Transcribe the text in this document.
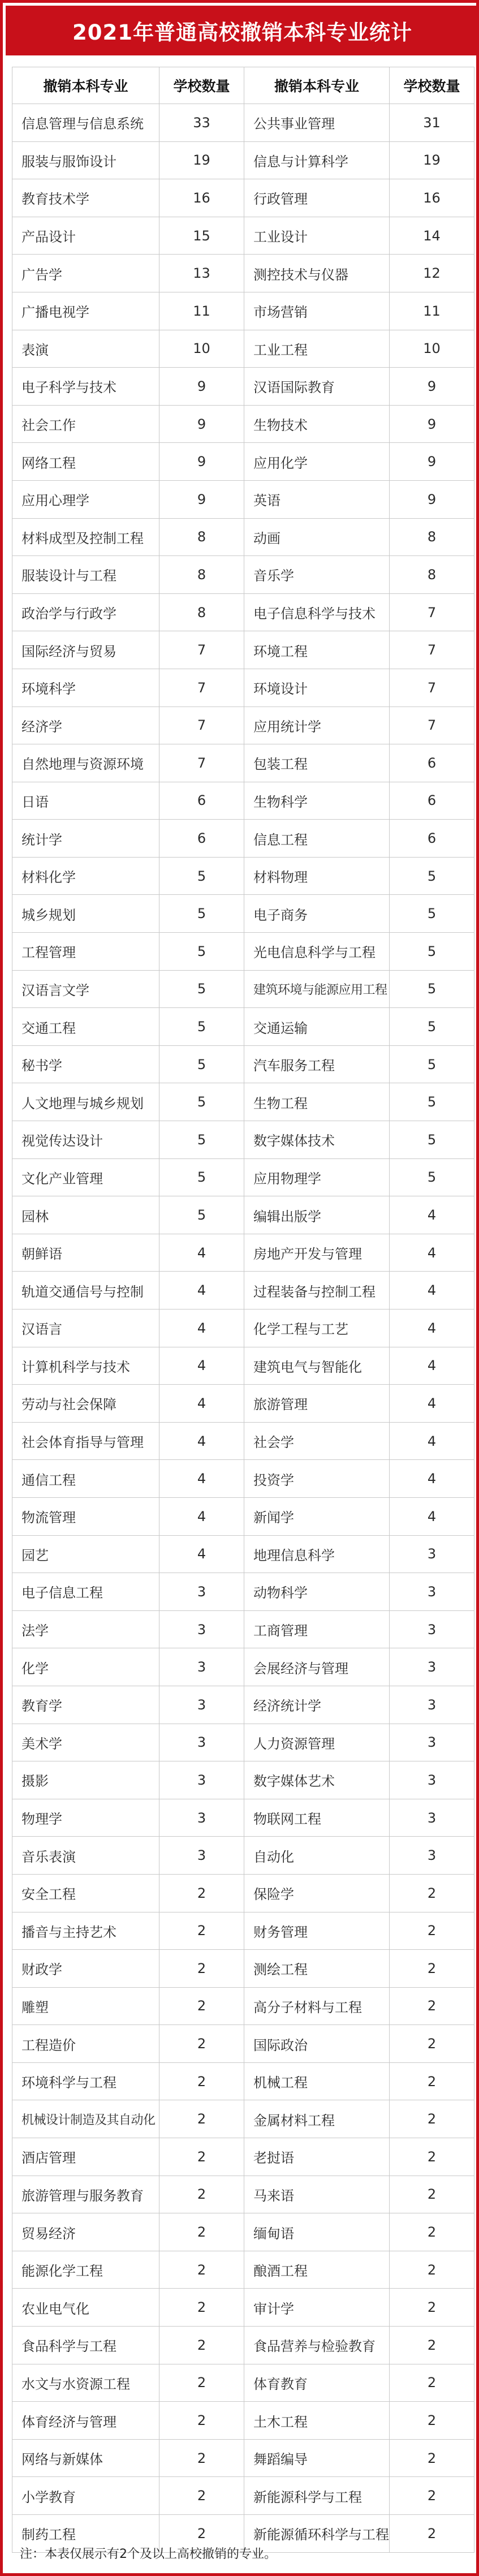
2021年普通高校撤销本科专业统计
撤销本科专业	学校数量	撤销本科专业	学校数量
信息管理与信息系统	33	公共事业管理	31
服装与服饰设计	19	信息与计算科学	19
教育技术学	16	行政管理	16
产品设计	15	工业设计	14
广告学	13	测控技术与仪器	12
广播电视学	11	市场营销	11
表演	10	工业工程	10
电子科学与技术	9	汉语国际教育	9
社会工作	9	生物技术	9
网络工程	9	应用化学	9
应用心理学	9	英语	9
材料成型及控制工程	8	动画	8
服装设计与工程	8	音乐学	8
政治学与行政学	8	电子信息科学与技术	7
国际经济与贸易	7	环境工程	7
环境科学	7	环境设计	7
经济学	7	应用统计学	7
自然地理与资源环境	7	包装工程	6
日语	6	生物科学	6
统计学	6	信息工程	6
材料化学	5	材料物理	5
城乡规划	5	电子商务	5
工程管理	5	光电信息科学与工程	5
汉语言文学	5	建筑环境与能源应用工程	5
交通工程	5	交通运输	5
秘书学	5	汽车服务工程	5
人文地理与城乡规划	5	生物工程	5
视觉传达设计	5	数字媒体技术	5
文化产业管理	5	应用物理学	5
园林	5	编辑出版学	4
朝鲜语	4	房地产开发与管理	4
轨道交通信号与控制	4	过程装备与控制工程	4
汉语言	4	化学工程与工艺	4
计算机科学与技术	4	建筑电气与智能化	4
劳动与社会保障	4	旅游管理	4
社会体育指导与管理	4	社会学	4
通信工程	4	投资学	4
物流管理	4	新闻学	4
园艺	4	地理信息科学	3
电子信息工程	3	动物科学	3
法学	3	工商管理	3
化学	3	会展经济与管理	3
教育学	3	经济统计学	3
美术学	3	人力资源管理	3
摄影	3	数字媒体艺术	3
物理学	3	物联网工程	3
音乐表演	3	自动化	3
安全工程	2	保险学	2
播音与主持艺术	2	财务管理	2
财政学	2	测绘工程	2
雕塑	2	高分子材料与工程	2
工程造价	2	国际政治	2
环境科学与工程	2	机械工程	2
机械设计制造及其自动化	2	金属材料工程	2
酒店管理	2	老挝语	2
旅游管理与服务教育	2	马来语	2
贸易经济	2	缅甸语	2
能源化学工程	2	酿酒工程	2
农业电气化	2	审计学	2
食品科学与工程	2	食品营养与检验教育	2
水文与水资源工程	2	体育教育	2
体育经济与管理	2	土木工程	2
网络与新媒体	2	舞蹈编导	2
小学教育	2	新能源科学与工程	2
制药工程	2	新能源循环科学与工程	2
注：本表仅展示有2个及以上高校撤销的专业。
